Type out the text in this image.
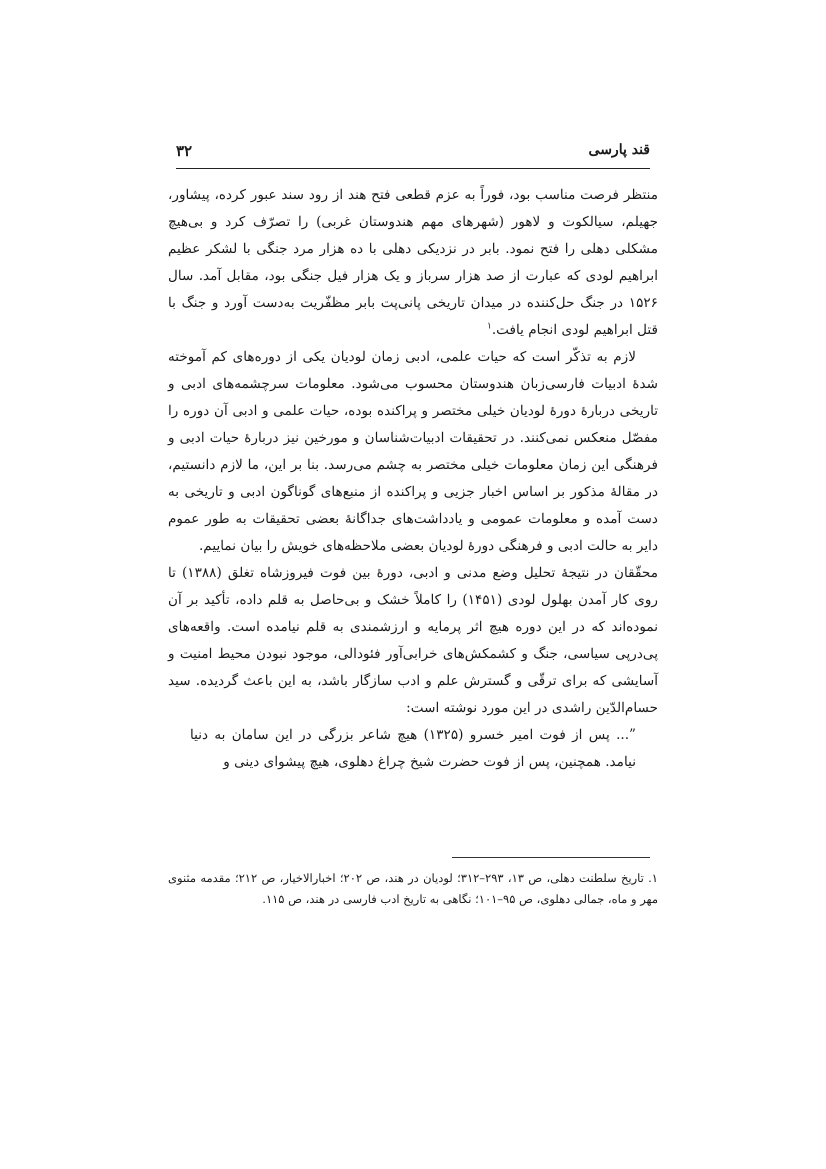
قند پارسی
۳۲

منتظر فرصت مناسب بود، فوراً به عزم قطعی فتح هند از رود سند عبور کرده، پیشاور، جهیلم، سیالکوت و لاهور (شهرهای مهم هندوستان غربی) را تصرّف کرد و بی‌هیچ مشکلی دهلی را فتح نمود. بابر در نزدیکی دهلی با ده هزار مرد جنگی با لشکر عظیم ابراهیم لودی که عبارت از صد هزار سرباز و یک هزار فیل جنگی بود، مقابل آمد. سال ۱۵۲۶ در جنگ حل‌کننده در میدان تاریخی پانی‌پت بابر مظفّریت به‌دست آورد و جنگ با قتل ابراهیم لودی انجام یافت.$^۱$

لازم به تذکّر است که حیات علمی، ادبی زمان لودیان یکی از دوره‌های کم آموخته شدهٔ ادبیات فارسی‌زبان هندوستان محسوب می‌شود. معلومات سرچشمه‌های ادبی و تاریخی دربارهٔ دورهٔ لودیان خیلی مختصر و پراکنده بوده، حیات علمی و ادبی آن دوره را مفصّل منعکس نمی‌کنند. در تحقیقات ادبیات‌شناسان و مورخین نیز دربارهٔ حیات ادبی و فرهنگی این زمان معلومات خیلی مختصر به چشم می‌رسد. بنا بر این، ما لازم دانستیم، در مقالهٔ مذکور بر اساس اخبار جزیی و پراکنده از منبع‌های گوناگون ادبی و تاریخی به دست آمده و معلومات عمومی و یادداشت‌های جداگانهٔ بعضی تحقیقات به طور عموم دایر به حالت ادبی و فرهنگی دورهٔ لودیان بعضی ملاحظه‌های خویش را بیان نماییم.

محقّقان در نتیجهٔ تحلیل وضع مدنی و ادبی، دورهٔ بین فوت فیروزشاه تغلق (۱۳۸۸) تا روی کار آمدن بهلول لودی (۱۴۵۱) را کاملاً خشک و بی‌حاصل به قلم داده، تأکید بر آن نموده‌اند که در این دوره هیچ اثر پرمایه و ارزشمندی به قلم نیامده است. واقعه‌های پی‌درپی سیاسی، جنگ و کشمکش‌های خرابی‌آور فئودالی، موجود نبودن محیط امنیت و آسایشی که برای ترقّی و گسترش علم و ادب سازگار باشد، به این باعث گردیده. سید حسام‌الدّین راشدی در این مورد نوشته است:

”... پس از فوت امیر خسرو (۱۳۲۵) هیچ شاعر بزرگی در این سامان به دنیا نیامد. همچنین، پس از فوت حضرت شیخ چراغ دهلوی، هیچ پیشوای دینی و

۱. تاریخ سلطنت دهلی، ص ۱۳، ۲۹۳–۳۱۲؛ لودیان در هند، ص ۲۰۲؛ اخبارالاخیار، ص ۲۱۲؛ مقدمه مثنوی مهر و ماه، جمالی دهلوی، ص ۹۵–۱۰۱؛ نگاهی به تاریخ ادب فارسی در هند، ص ۱۱۵.
